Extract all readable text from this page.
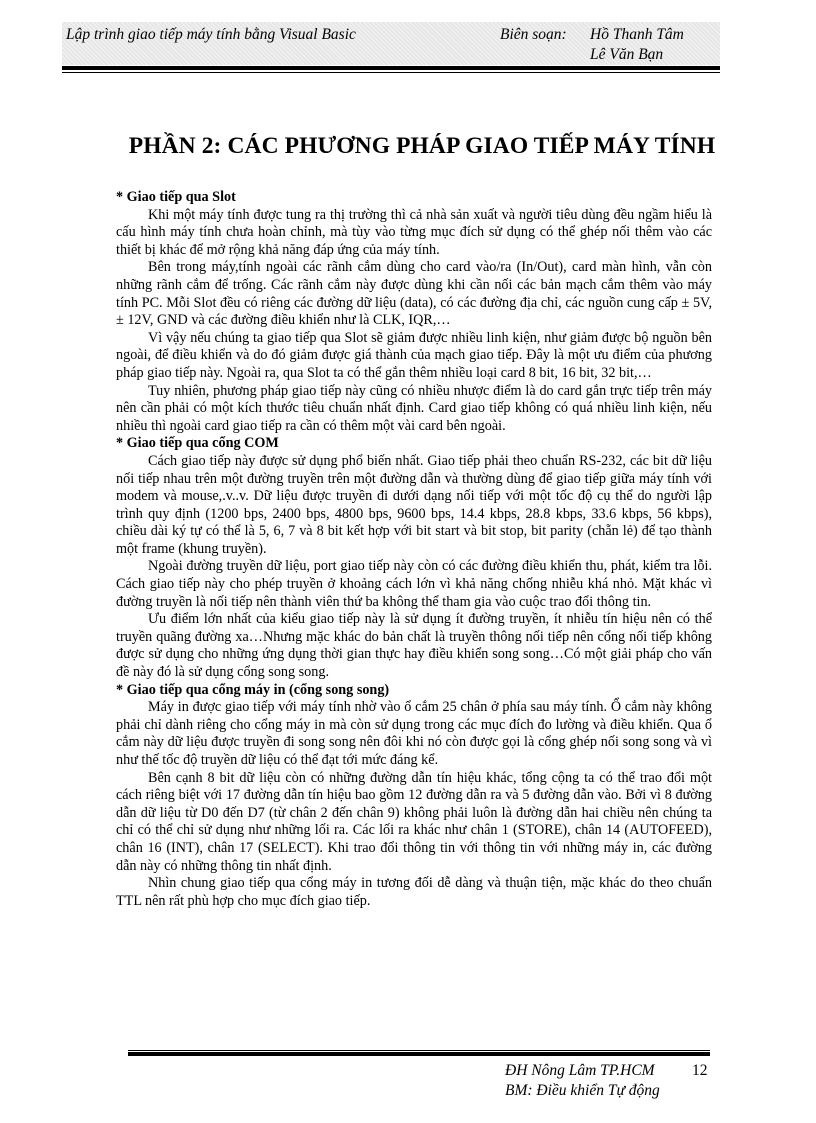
Lập trình giao tiếp máy tính bằng Visual Basic	Biên soạn: Hồ Thanh Tâm
Lê Văn Bạn
PHẦN 2: CÁC PHƯƠNG PHÁP GIAO TIẾP MÁY TÍNH

* Giao tiếp qua Slot

Khi một máy tính được tung ra thị trường thì cả nhà sản xuất và người tiêu dùng đều ngầm hiểu là cấu hình máy tính chưa hoàn chỉnh, mà tùy vào từng mục đích sử dụng có thể ghép nối thêm vào các thiết bị khác để mở rộng khả năng đáp ứng của máy tính.

Bên trong máy,tính ngoài các rãnh cắm dùng cho card vào/ra (In/Out), card màn hình, vẫn còn những rãnh cắm để trống. Các rãnh cắm này được dùng khi cần nối các bản mạch cắm thêm vào máy tính PC. Mỗi Slot đều có riêng các đường dữ liệu (data), có các đường địa chỉ, các nguồn cung cấp ± 5V, ± 12V, GND và các đường điều khiển như là CLK, IQR,…

Vì vậy nếu chúng ta giao tiếp qua Slot sẽ giảm được nhiều linh kiện, như giảm được bộ nguồn bên ngoài, để điều khiển và do đó giảm được giá thành của mạch giao tiếp. Đây là một ưu điểm của phương pháp giao tiếp này. Ngoài ra, qua Slot ta có thể gắn thêm nhiều loại card 8 bit, 16 bit, 32 bit,…

Tuy nhiên, phương pháp giao tiếp này cũng có nhiều nhược điểm là do card gắn trực tiếp trên máy nên cần phải có một kích thước tiêu chuẩn nhất định. Card giao tiếp không có quá nhiều linh kiện, nếu nhiều thì ngoài card giao tiếp ra cần có thêm một vài card bên ngoài.

* Giao tiếp qua cổng COM

Cách giao tiếp này được sử dụng phổ biến nhất. Giao tiếp phải theo chuẩn RS-232, các bit dữ liệu nối tiếp nhau trên một đường truyền trên một đường dẫn và thường dùng để giao tiếp giữa máy tính với modem và mouse,.v..v. Dữ liệu được truyền đi dưới dạng nối tiếp với một tốc độ cụ thể do người lập trình quy định (1200 bps, 2400 bps, 4800 bps, 9600 bps, 14.4 kbps, 28.8 kbps, 33.6 kbps, 56 kbps), chiều dài ký tự có thể là 5, 6, 7 và 8 bit kết hợp với bit start và bit stop, bit parity (chẵn lẻ) để tạo thành một frame (khung truyền).

Ngoài đường truyền dữ liệu, port giao tiếp này còn có các đường điều khiển thu, phát, kiểm tra lỗi. Cách giao tiếp này cho phép truyền ở khoảng cách lớn vì khả năng chống nhiễu khá nhỏ. Mặt khác vì đường truyền là nối tiếp nên thành viên thứ ba không thể tham gia vào cuộc trao đổi thông tin.

Ưu điểm lớn nhất của kiểu giao tiếp này là sử dụng ít đường truyền, ít nhiễu tín hiệu nên có thể truyền quãng đường xa…Nhưng mặc khác do bản chất là truyền thông nối tiếp nên cổng nối tiếp không được sử dụng cho những ứng dụng thời gian thực hay điều khiển song song…Có một giải pháp cho vấn đề này đó là sử dụng cổng song song.

* Giao tiếp qua cổng máy in (cổng song song)

Máy in được giao tiếp với máy tính nhờ vào ổ cắm 25 chân ở phía sau máy tính. Ổ cắm này không phải chỉ dành riêng cho cổng máy in mà còn sử dụng trong các mục đích đo lường và điều khiển. Qua ổ cắm này dữ liệu được truyền đi song song nên đôi khi nó còn được gọi là cổng ghép nối song song và vì như thế tốc độ truyền dữ liệu có thể đạt tới mức đáng kể.

Bên cạnh 8 bit dữ liệu còn có những đường dẫn tín hiệu khác, tổng cộng ta có thể trao đổi một cách riêng biệt với 17 đường dẫn tín hiệu bao gồm 12 đường dẫn ra và 5 đường dẫn vào. Bởi vì 8 đường dẫn dữ liệu từ D0 đến D7 (từ chân 2 đến chân 9) không phải luôn là đường dẫn hai chiều nên chúng ta chỉ có thể chỉ sử dụng như những lối ra. Các lối ra khác như chân 1 (STORE), chân 14 (AUTOFEED), chân 16 (INT), chân 17 (SELECT). Khi trao đổi thông tin với thông tin với những máy in, các đường dẫn này có những thông tin nhất định.

Nhìn chung giao tiếp qua cổng máy in tương đối dễ dàng và thuận tiện, mặc khác do theo chuẩn TTL nên rất phù hợp cho mục đích giao tiếp.

ĐH Nông Lâm TP.HCM	12
BM: Điều khiển Tự động
